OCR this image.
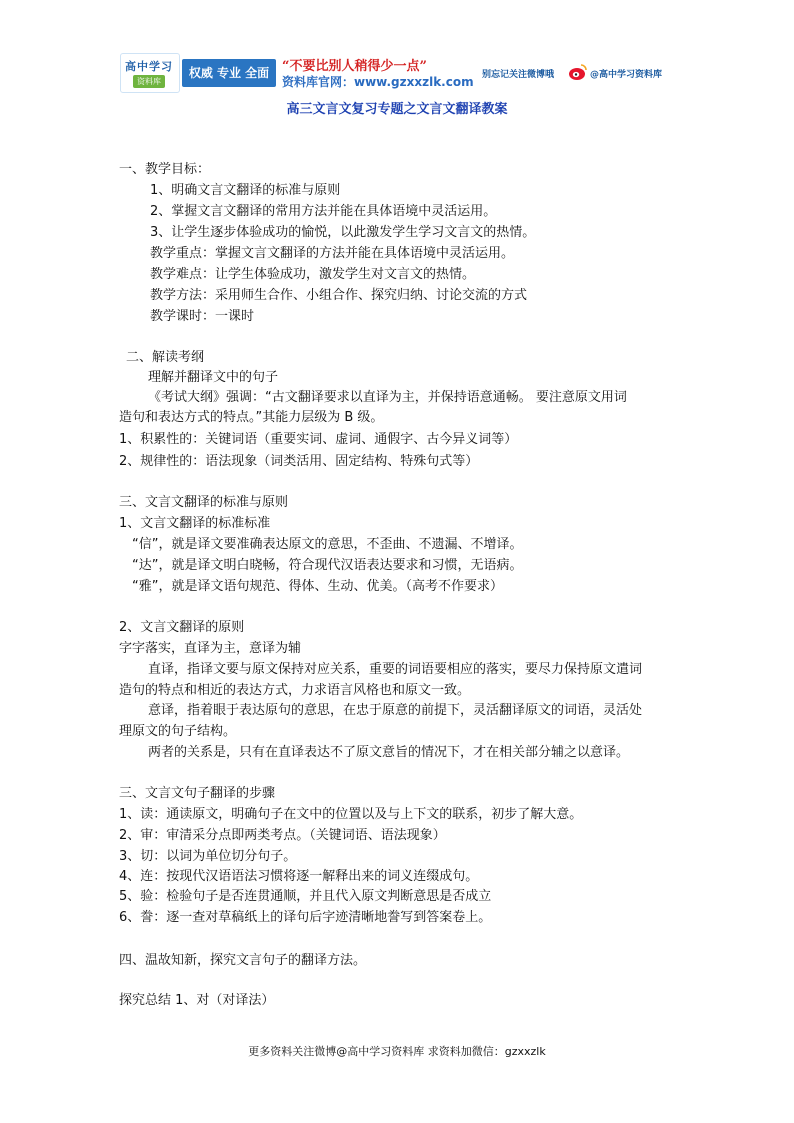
高中学习
资料库
权威 专业 全面 “不要比别人稍得少一点”
资料库官网：www.gzxxzlk.com 别忘记关注微博哦	@高中学习资料库
高三文言文复习专题之文言文翻译教案
一、教学目标：
1、明确文言文翻译的标准与原则
2、掌握文言文翻译的常用方法并能在具体语境中灵活运用。
3、让学生逐步体验成功的愉悦，以此激发学生学习文言文的热情。
教学重点：掌握文言文翻译的方法并能在具体语境中灵活运用。
教学难点：让学生体验成功，激发学生对文言文的热情。
教学方法：采用师生合作、小组合作、探究归纳、讨论交流的方式
教学课时：一课时
二、解读考纲
理解并翻译文中的句子
《考试大纲》强调：“古文翻译要求以直译为主，并保持语意通畅。 要注意原文用词
造句和表达方式的特点。”其能力层级为 B 级。
1、积累性的：关键词语（重要实词、虚词、通假字、古今异义词等）
2、规律性的：语法现象（词类活用、固定结构、特殊句式等）
三、文言文翻译的标准与原则
1、文言文翻译的标准标准
“信”，就是译文要准确表达原文的意思，不歪曲、不遗漏、不增译。
“达”，就是译文明白晓畅，符合现代汉语表达要求和习惯，无语病。
“雅”，就是译文语句规范、得体、生动、优美。（高考不作要求）
2、文言文翻译的原则
字字落实，直译为主，意译为辅
直译，指译文要与原文保持对应关系，重要的词语要相应的落实，要尽力保持原文遣词
造句的特点和相近的表达方式，力求语言风格也和原文一致。
意译，指着眼于表达原句的意思，在忠于原意的前提下，灵活翻译原文的词语，灵活处
理原文的句子结构。
两者的关系是，只有在直译表达不了原文意旨的情况下，才在相关部分辅之以意译。
三、文言文句子翻译的步骤
1、读：通读原文，明确句子在文中的位置以及与上下文的联系，初步了解大意。
2、审：审清采分点即两类考点。（关键词语、语法现象）
3、切：以词为单位切分句子。
4、连：按现代汉语语法习惯将逐一解释出来的词义连缀成句。
5、验：检验句子是否连贯通顺，并且代入原文判断意思是否成立
6、誊：逐一查对草稿纸上的译句后字迹清晰地誊写到答案卷上。
四、温故知新，探究文言句子的翻译方法。
探究总结 1、对（对译法）
更多资料关注微博@高中学习资料库 求资料加微信：gzxxzlk
